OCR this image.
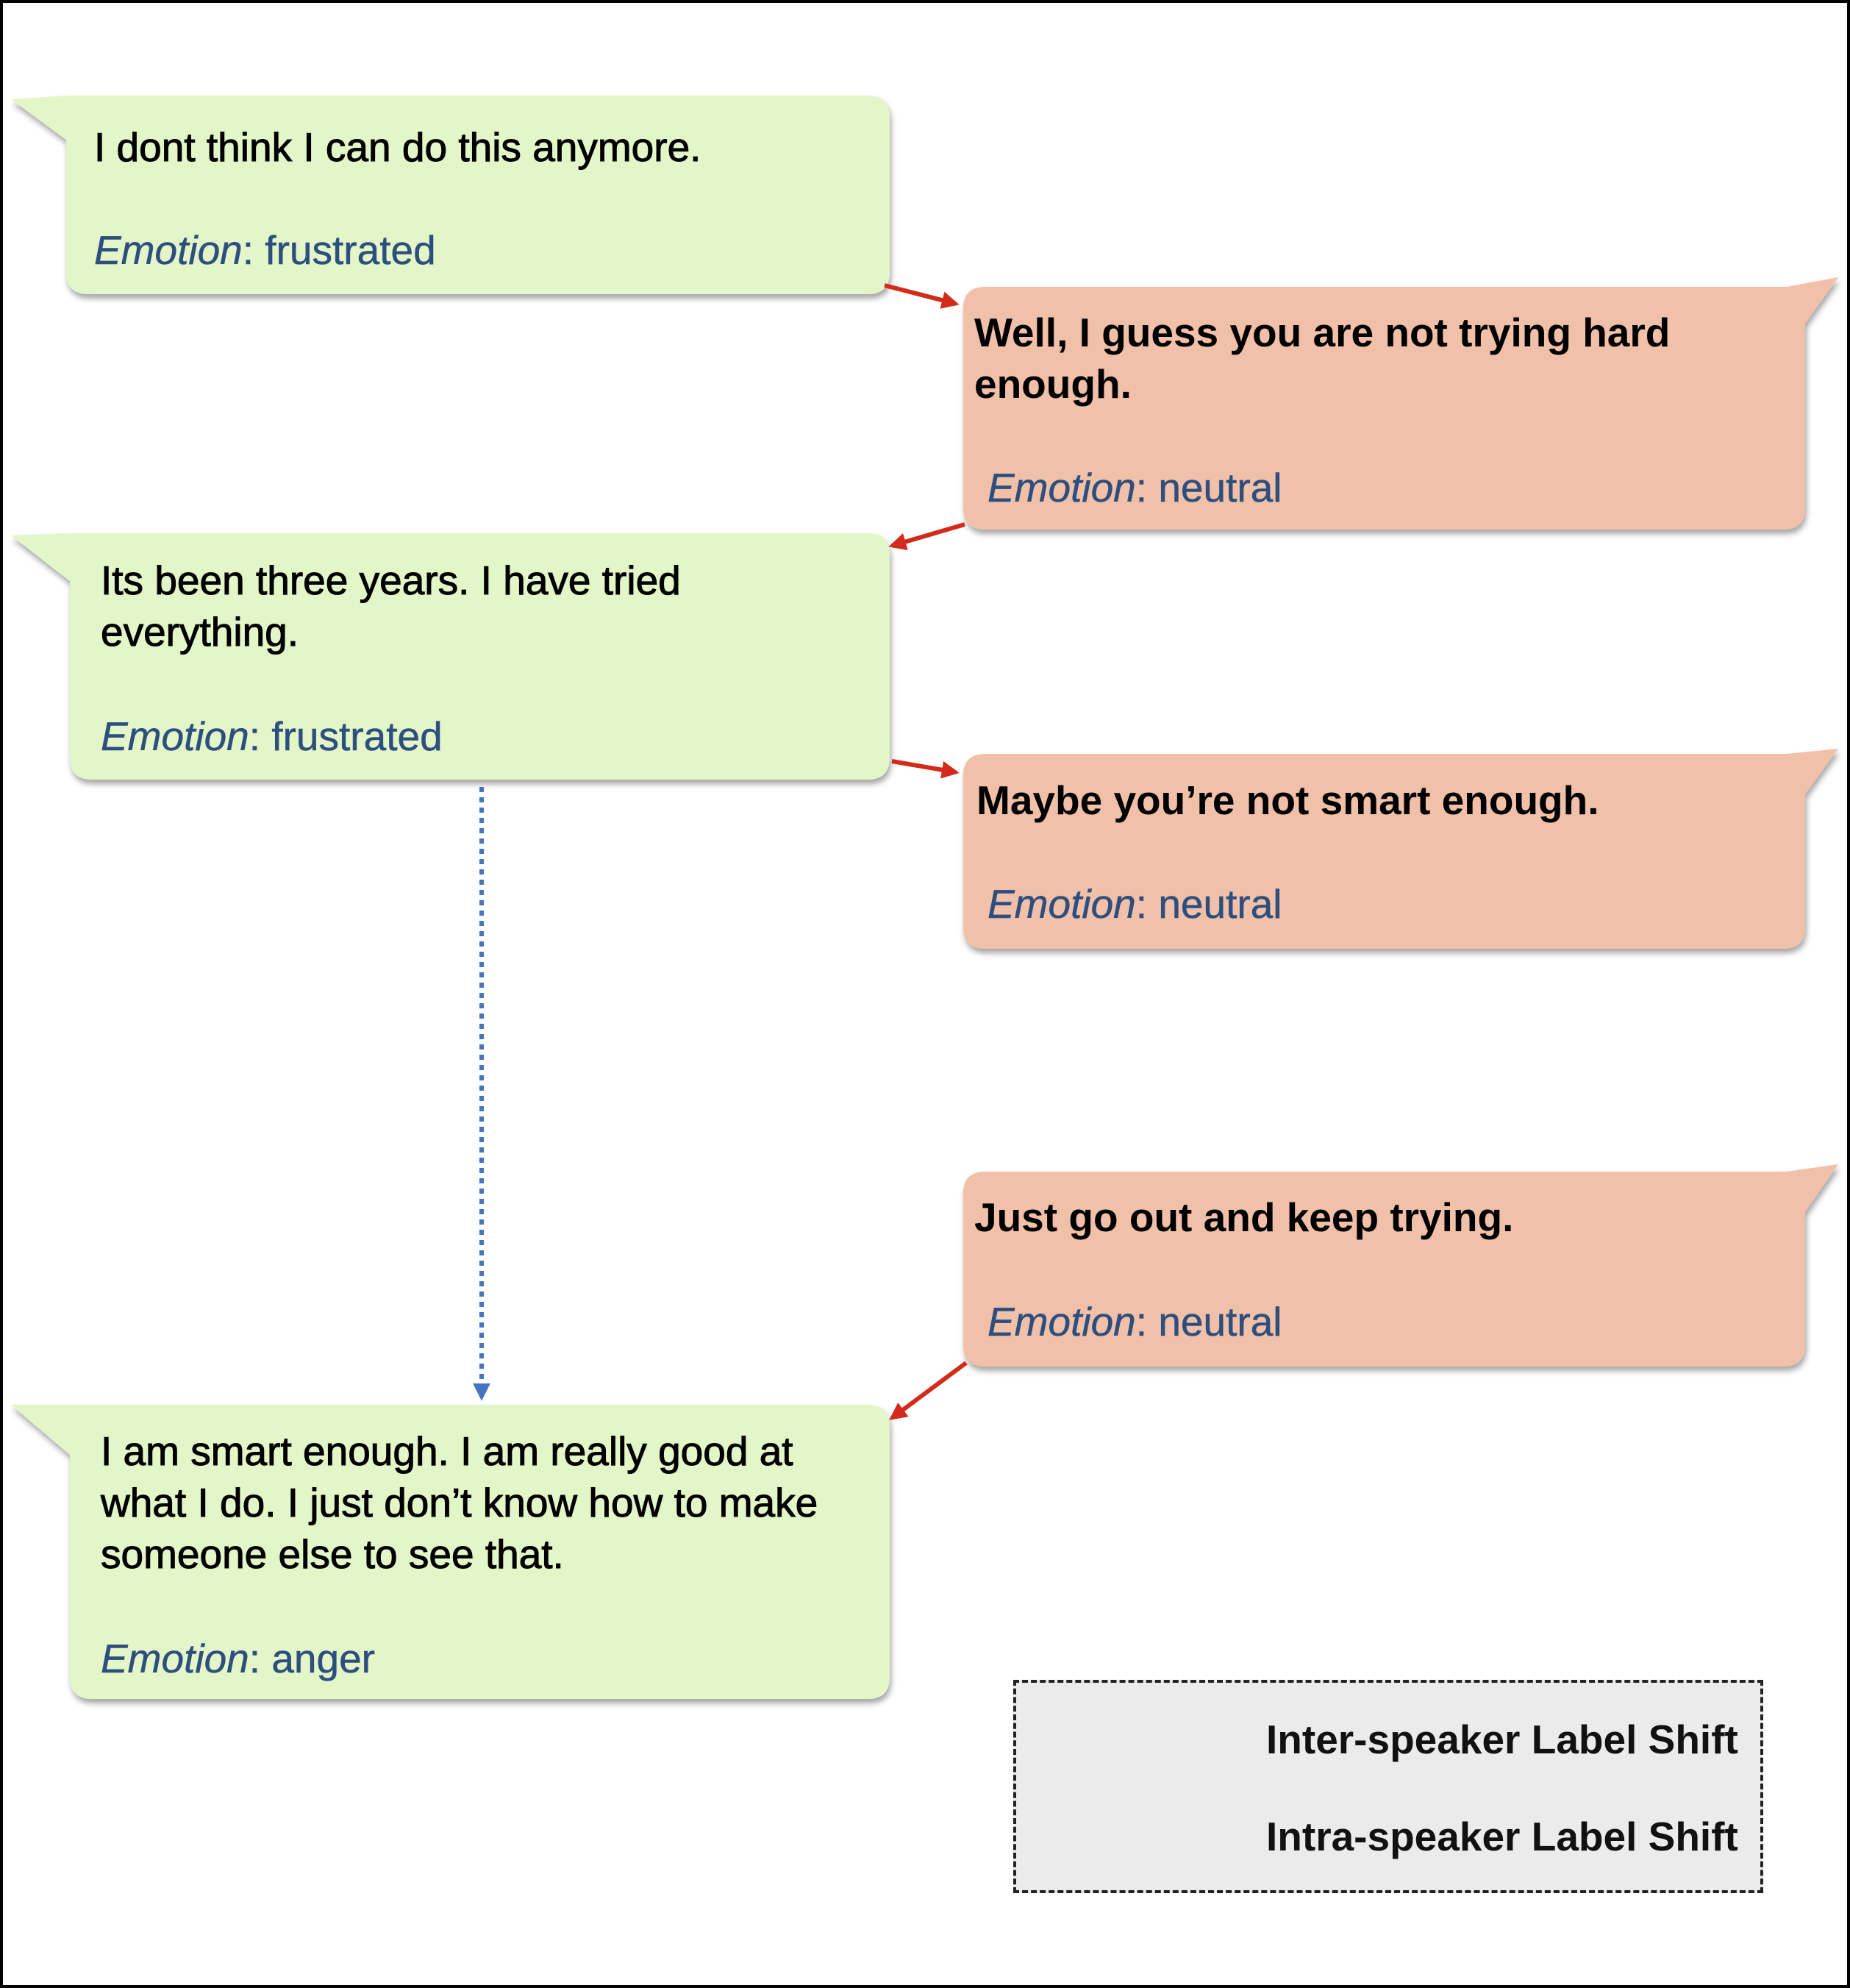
I dont think I can do this anymore.
Emotion: frustrated
Well, I guess you are not trying hard enough.
Emotion: neutral
Its been three years. I have tried everything.
Emotion: frustrated
Maybe you’re not smart enough.
Emotion: neutral
Just go out and keep trying.
Emotion: neutral
I am smart enough. I am really good at what I do. I just don’t know how to make someone else to see that.
Emotion: anger
Inter-speaker Label Shift
Intra-speaker Label Shift
